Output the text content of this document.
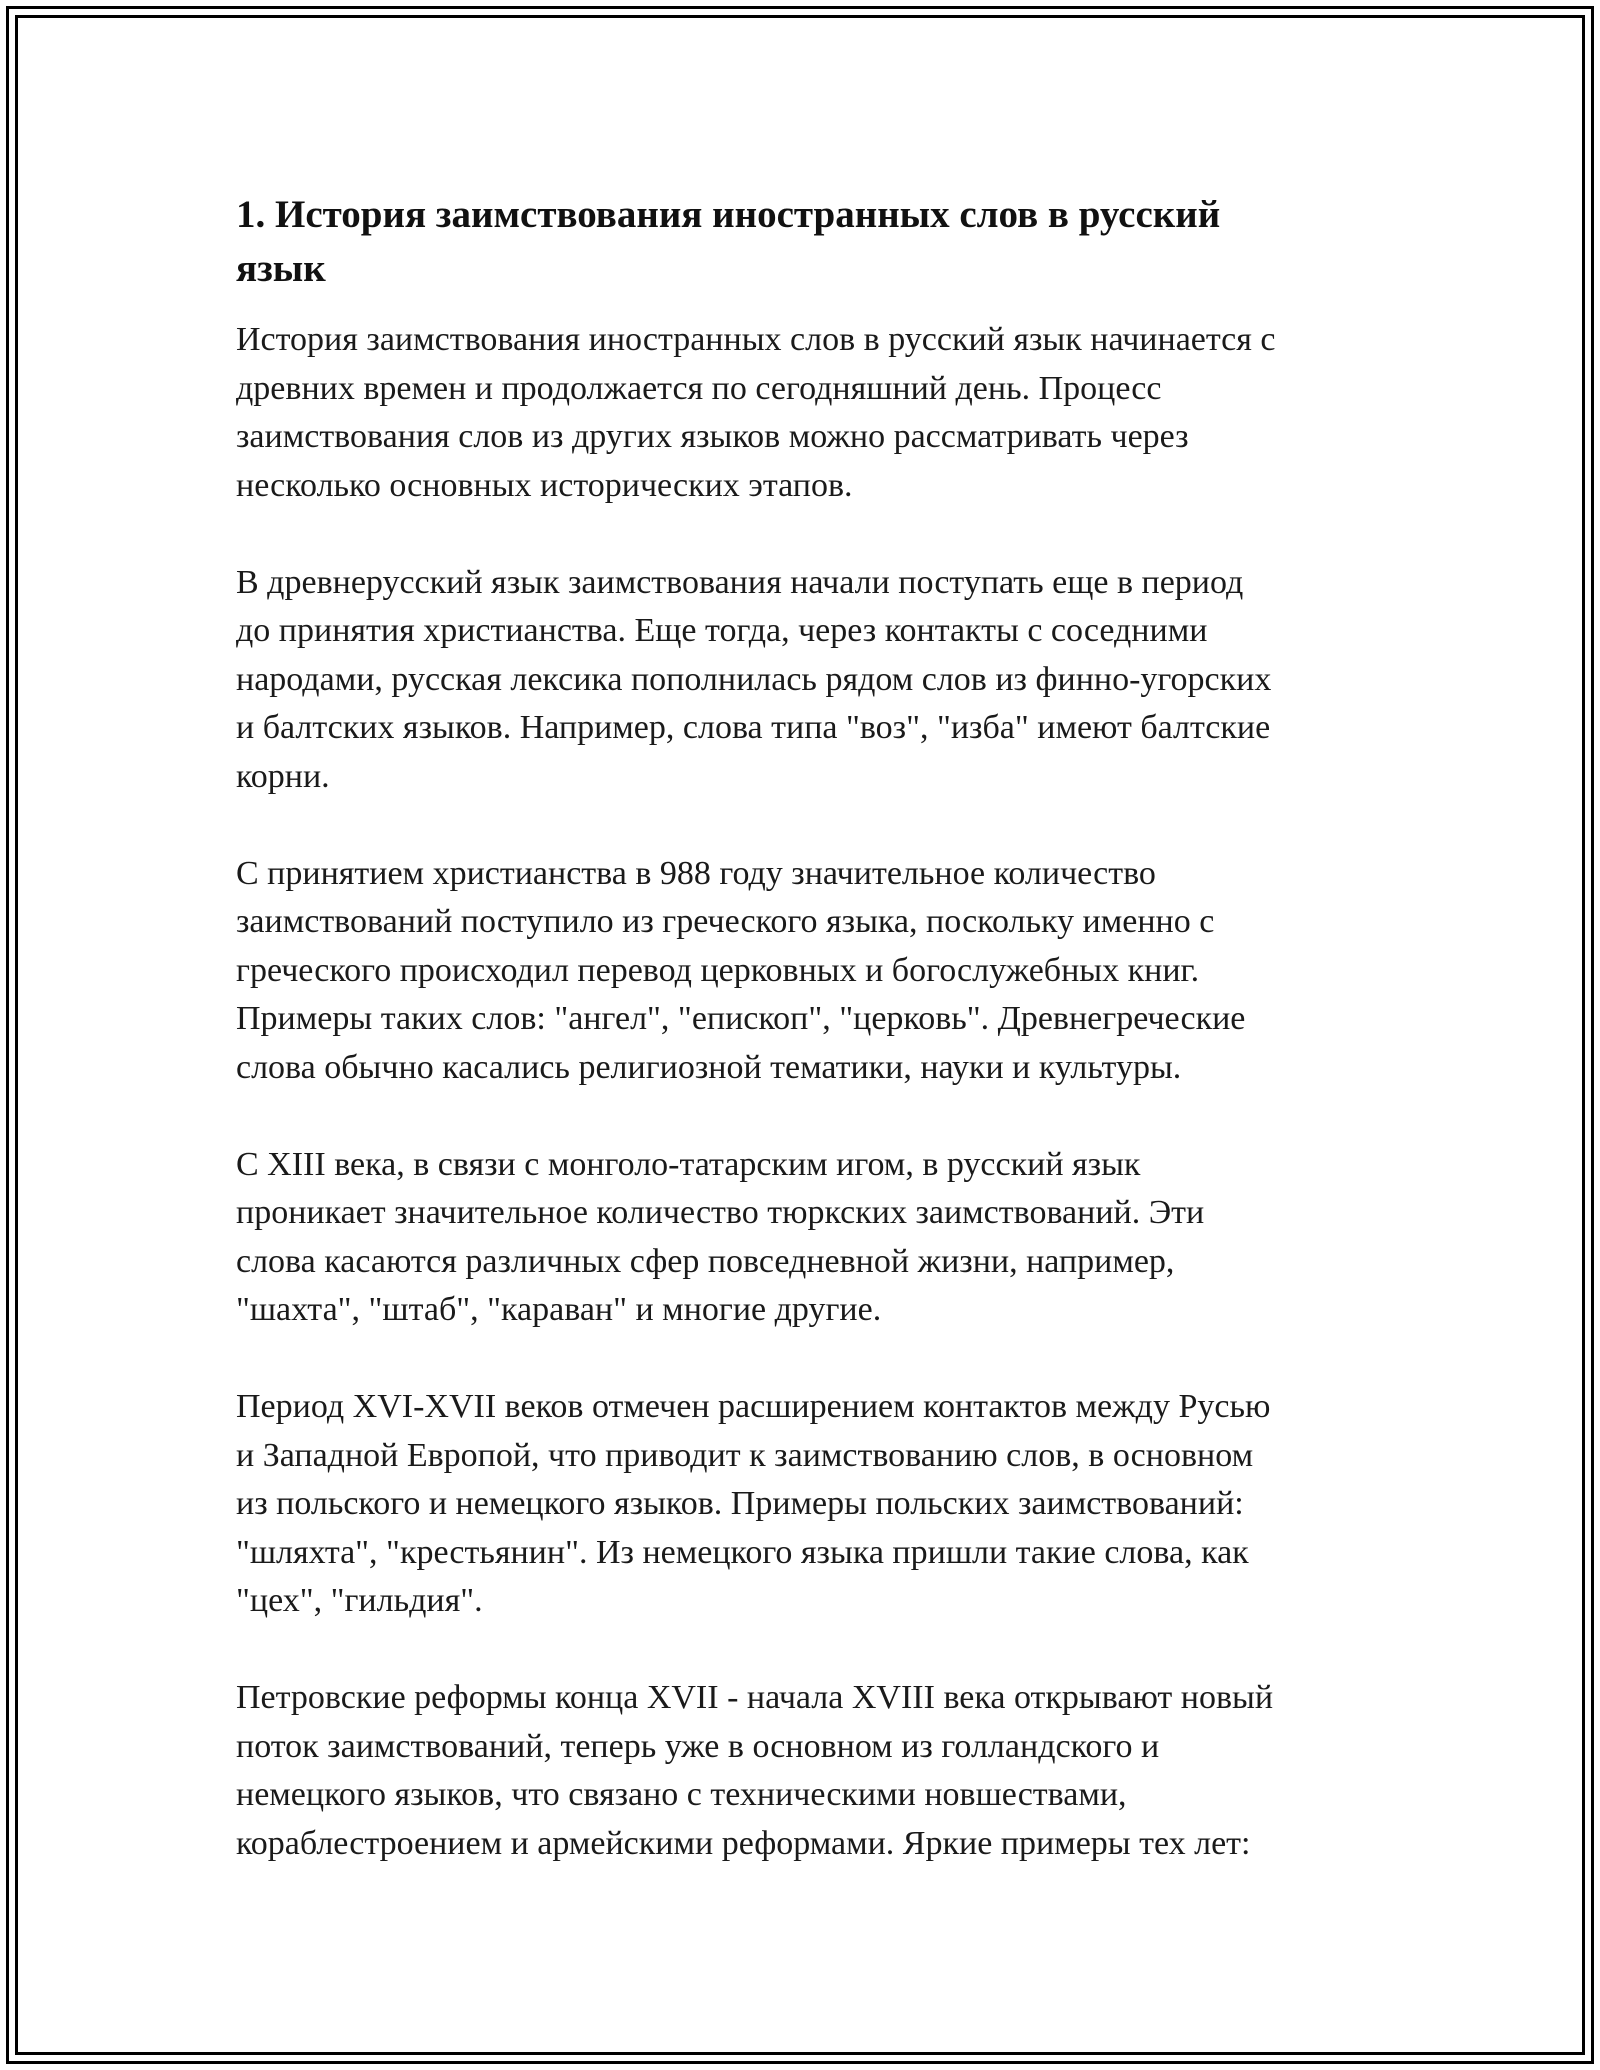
1. История заимствования иностранных слов в русский
язык

История заимствования иностранных слов в русский язык начинается с
древних времен и продолжается по сегодняшний день. Процесс
заимствования слов из других языков можно рассматривать через
несколько основных исторических этапов.

В древнерусский язык заимствования начали поступать еще в период
до принятия христианства. Еще тогда, через контакты с соседними
народами, русская лексика пополнилась рядом слов из финно-угорских
и балтских языков. Например, слова типа "воз", "изба" имеют балтские
корни.

С принятием христианства в 988 году значительное количество
заимствований поступило из греческого языка, поскольку именно с
греческого происходил перевод церковных и богослужебных книг.
Примеры таких слов: "ангел", "епископ", "церковь". Древнегреческие
слова обычно касались религиозной тематики, науки и культуры.

С XIII века, в связи с монголо-татарским игом, в русский язык
проникает значительное количество тюркских заимствований. Эти
слова касаются различных сфер повседневной жизни, например,
"шахта", "штаб", "караван" и многие другие.

Период XVI-XVII веков отмечен расширением контактов между Русью
и Западной Европой, что приводит к заимствованию слов, в основном
из польского и немецкого языков. Примеры польских заимствований:
"шляхта", "крестьянин". Из немецкого языка пришли такие слова, как
"цех", "гильдия".

Петровские реформы конца XVII - начала XVIII века открывают новый
поток заимствований, теперь уже в основном из голландского и
немецкого языков, что связано с техническими новшествами,
кораблестроением и армейскими реформами. Яркие примеры тех лет:
